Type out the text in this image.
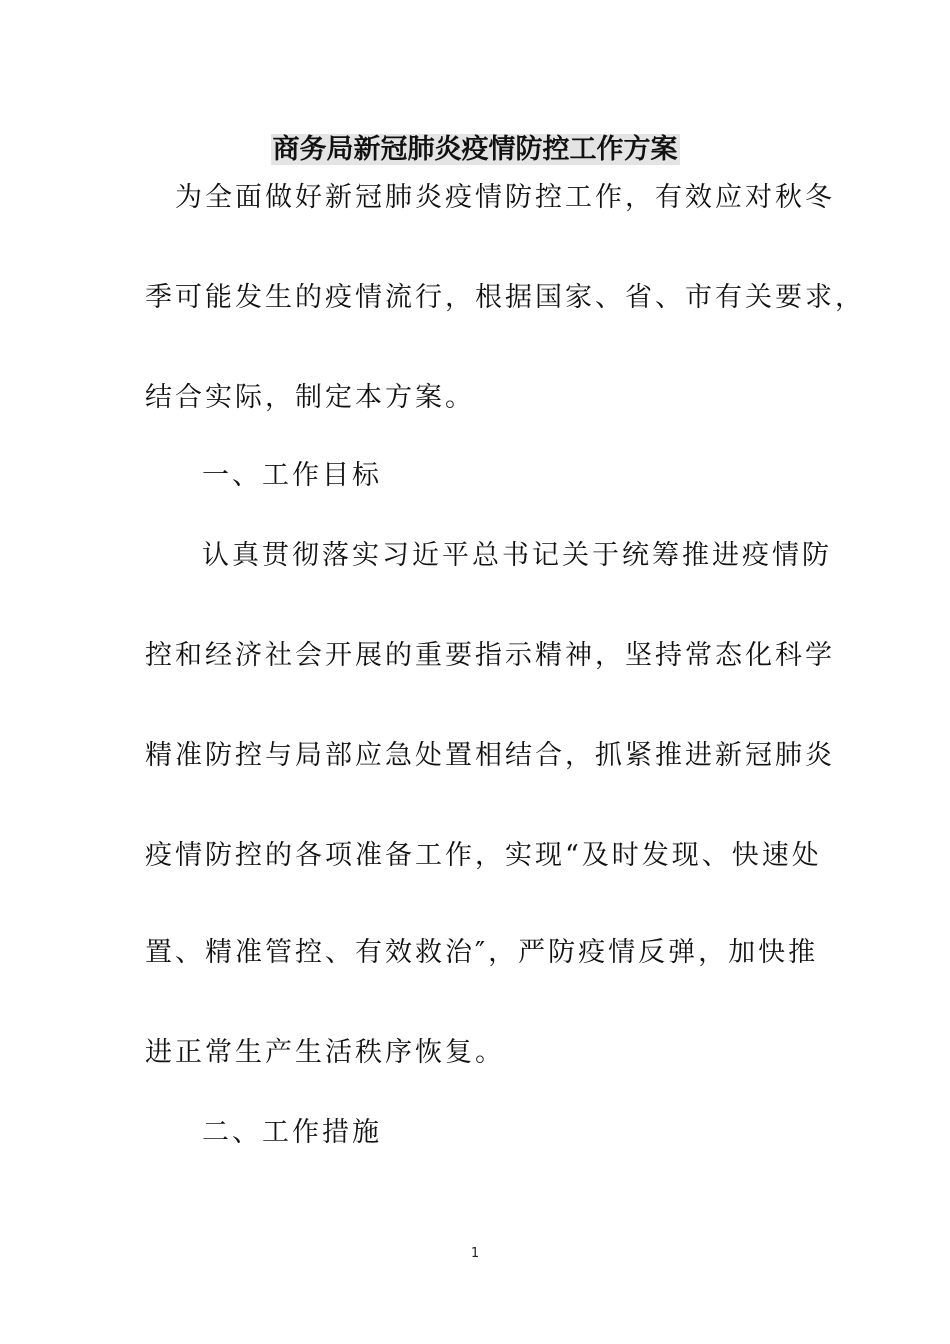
商务局新冠肺炎疫情防控工作方案
为全面做好新冠肺炎疫情防控工作，有效应对秋冬
季可能发生的疫情流行，根据国家、省、市有关要求，
结合实际，制定本方案。
一、工作目标
认真贯彻落实习近平总书记关于统筹推进疫情防
控和经济社会开展的重要指示精神，坚持常态化科学
精准防控与局部应急处置相结合，抓紧推进新冠肺炎
疫情防控的各项准备工作，实现“及时发现、快速处
置、精准管控、有效救治″，严防疫情反弹，加快推
进正常生产生活秩序恢复。
二、工作措施
1
